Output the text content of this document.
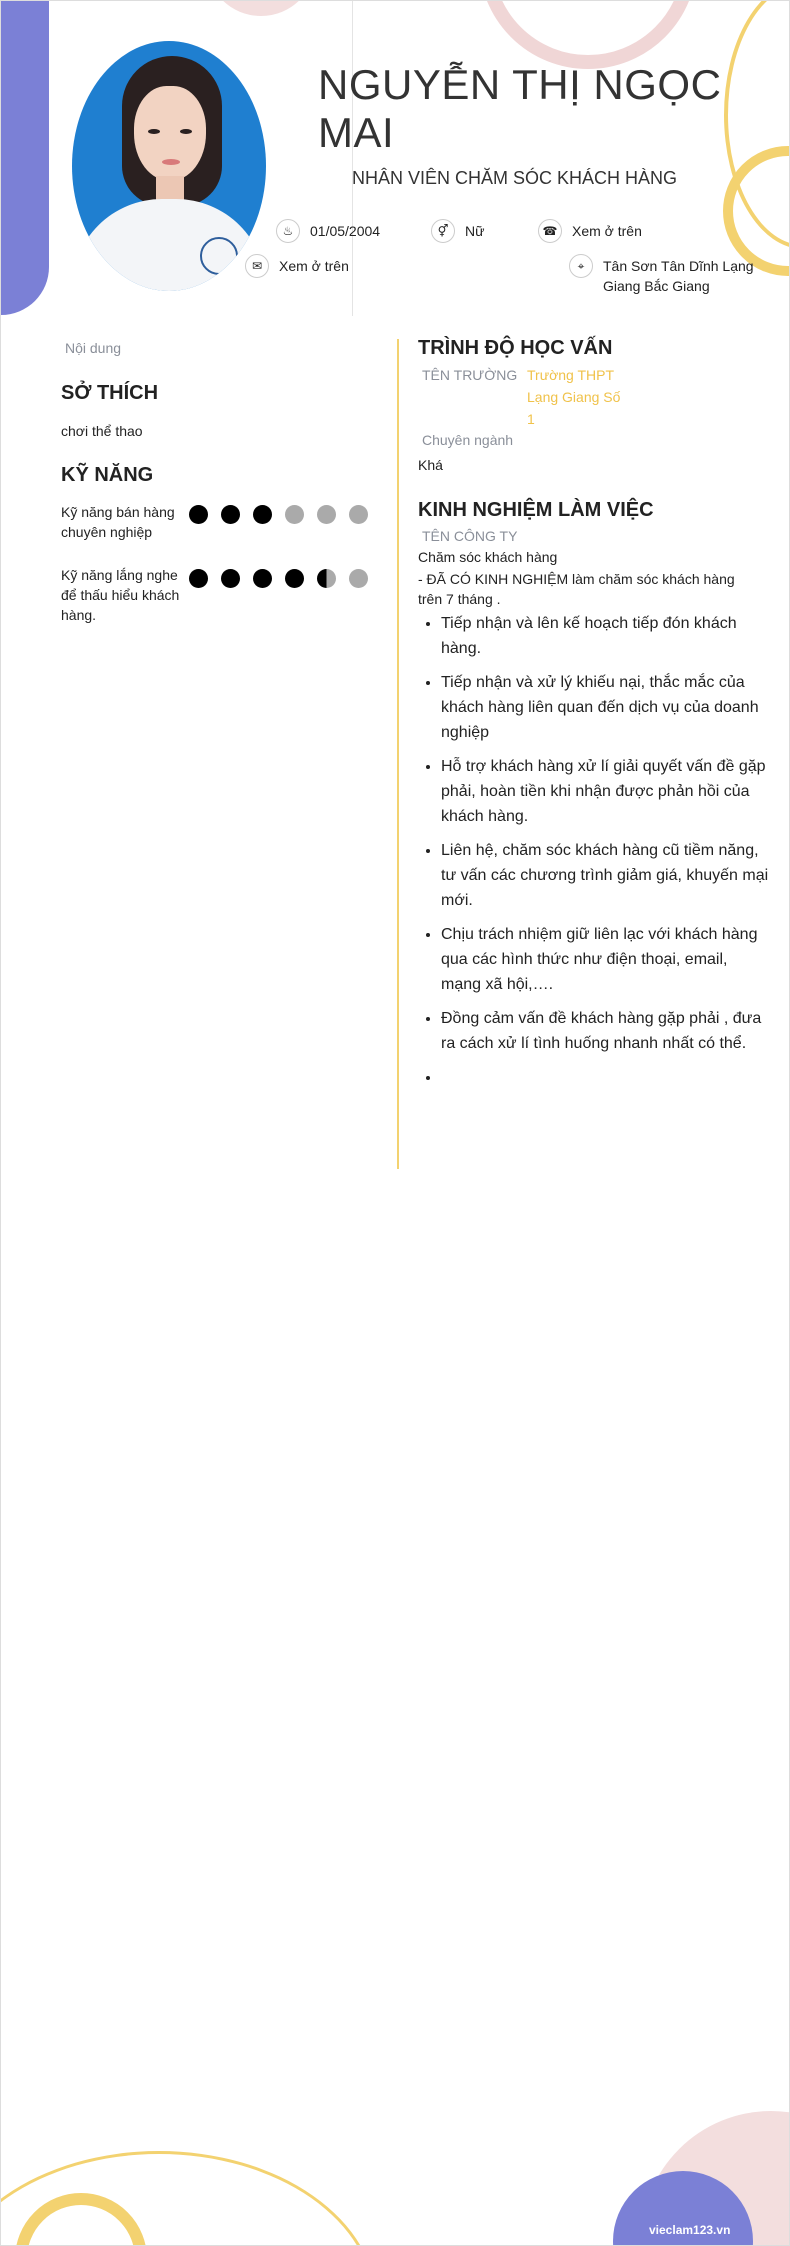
vieclam123.vn
NGUYỄN THỊ NGỌC MAI
NHÂN VIÊN CHĂM SÓC KHÁCH HÀNG
♨	01/05/2004	⚥	Nữ	☎	Xem ở trên
✉	Xem ở trên	⌖	Tân Sơn Tân Dĩnh Lạng Giang Bắc Giang
Nội dung
SỞ THÍCH
chơi thể thao
KỸ NĂNG
Kỹ năng bán hàng chuyên nghiệp
Kỹ năng lắng nghe để thấu hiểu khách hàng.
TRÌNH ĐỘ HỌC VẤN
TÊN TRƯỜNG Trường THPT Lạng Giang Số 1
Chuyên ngành
Khá
KINH NGHIỆM LÀM VIỆC
TÊN CÔNG TY
Chăm sóc khách hàng
- ĐÃ CÓ KINH NGHIỆM làm chăm sóc khách hàng trên 7 tháng .
• Tiếp nhận và lên kế hoạch tiếp đón khách hàng.
• Tiếp nhận và xử lý khiếu nại, thắc mắc của khách hàng liên quan đến dịch vụ của doanh nghiệp
• Hỗ trợ khách hàng xử lí giải quyết vấn đề gặp phải, hoàn tiền khi nhận được phản hồi của khách hàng.
• Liên hệ, chăm sóc khách hàng cũ tiềm năng, tư vấn các chương trình giảm giá, khuyến mại mới.
• Chịu trách nhiệm giữ liên lạc với khách hàng qua các hình thức như điện thoại, email, mạng xã hội,….
• Đồng cảm vấn đề khách hàng gặp phải , đưa ra cách xử lí tình huống nhanh nhất có thể.
•
